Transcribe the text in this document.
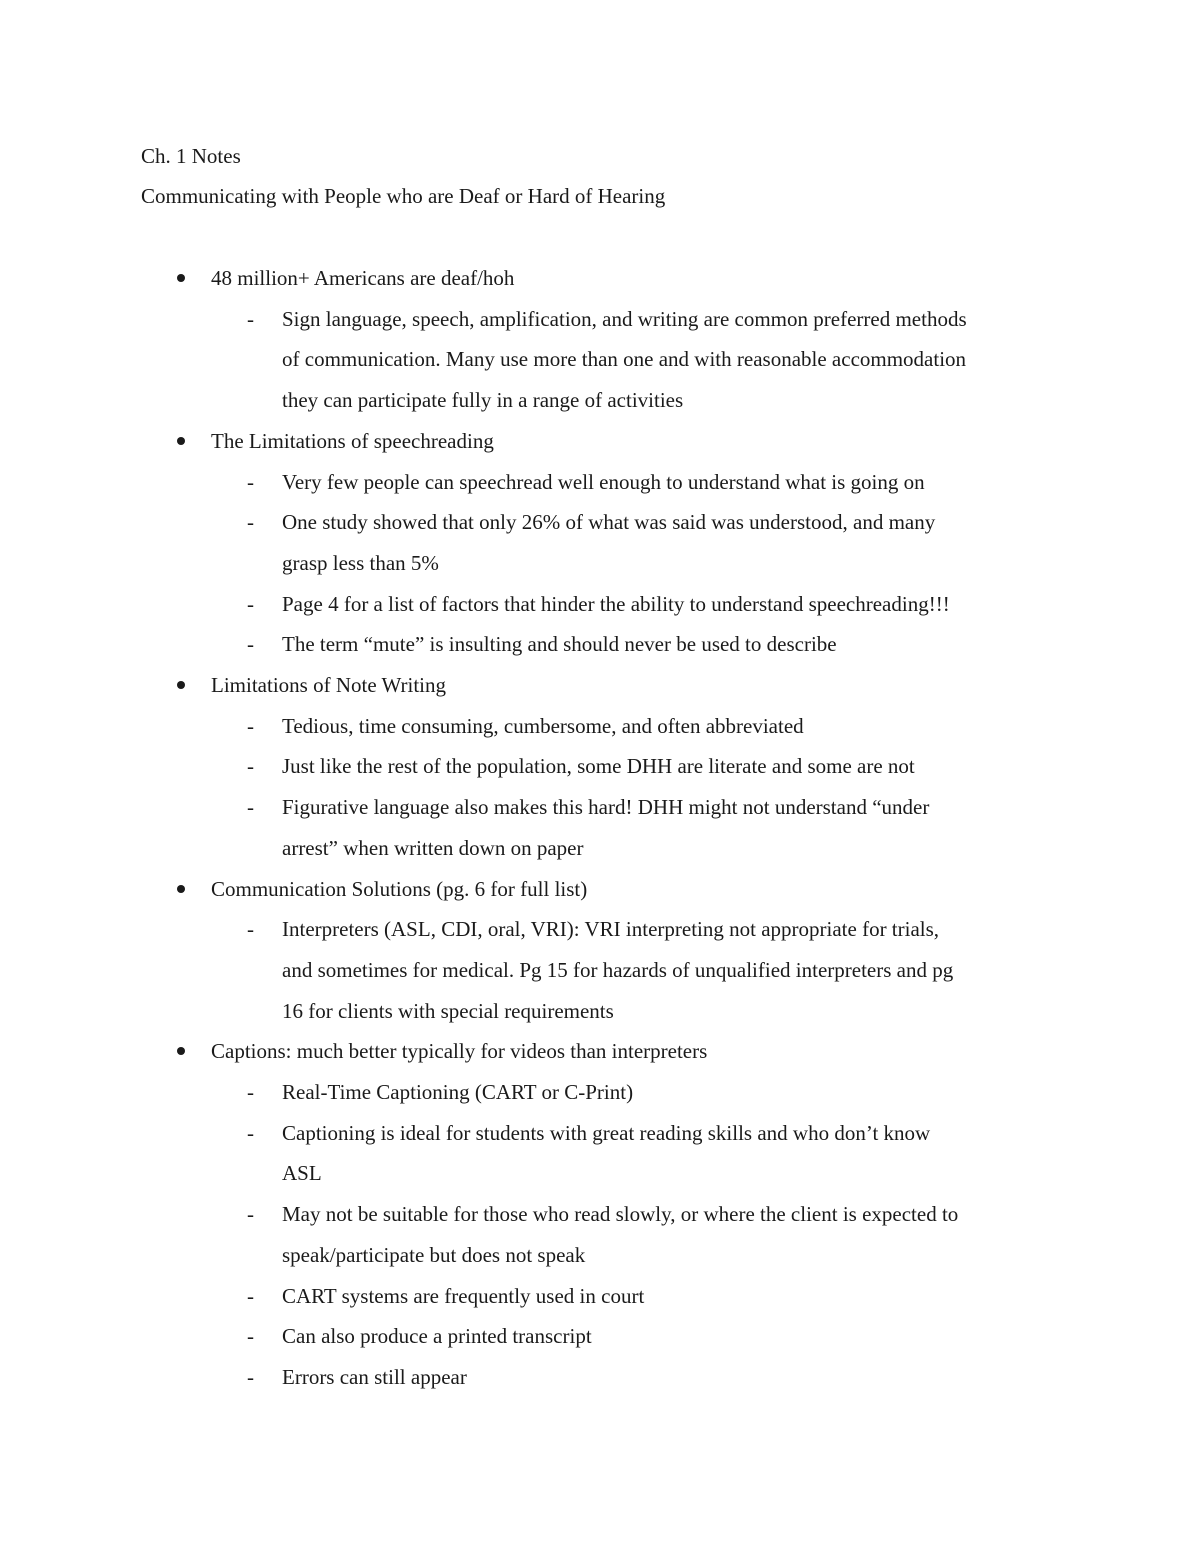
Ch. 1 Notes
Communicating with People who are Deaf or Hard of Hearing
48 million+ Americans are deaf/hoh
- Sign language, speech, amplification, and writing are common preferred methods
of communication. Many use more than one and with reasonable accommodation
they can participate fully in a range of activities
The Limitations of speechreading
- Very few people can speechread well enough to understand what is going on
- One study showed that only 26% of what was said was understood, and many
grasp less than 5%
- Page 4 for a list of factors that hinder the ability to understand speechreading!!!
- The term “mute” is insulting and should never be used to describe
Limitations of Note Writing
- Tedious, time consuming, cumbersome, and often abbreviated
- Just like the rest of the population, some DHH are literate and some are not
- Figurative language also makes this hard! DHH might not understand “under
arrest” when written down on paper
Communication Solutions (pg. 6 for full list)
- Interpreters (ASL, CDI, oral, VRI): VRI interpreting not appropriate for trials,
and sometimes for medical. Pg 15 for hazards of unqualified interpreters and pg
16 for clients with special requirements
Captions: much better typically for videos than interpreters
- Real-Time Captioning (CART or C-Print)
- Captioning is ideal for students with great reading skills and who don’t know
ASL
- May not be suitable for those who read slowly, or where the client is expected to
speak/participate but does not speak
- CART systems are frequently used in court
- Can also produce a printed transcript
- Errors can still appear
